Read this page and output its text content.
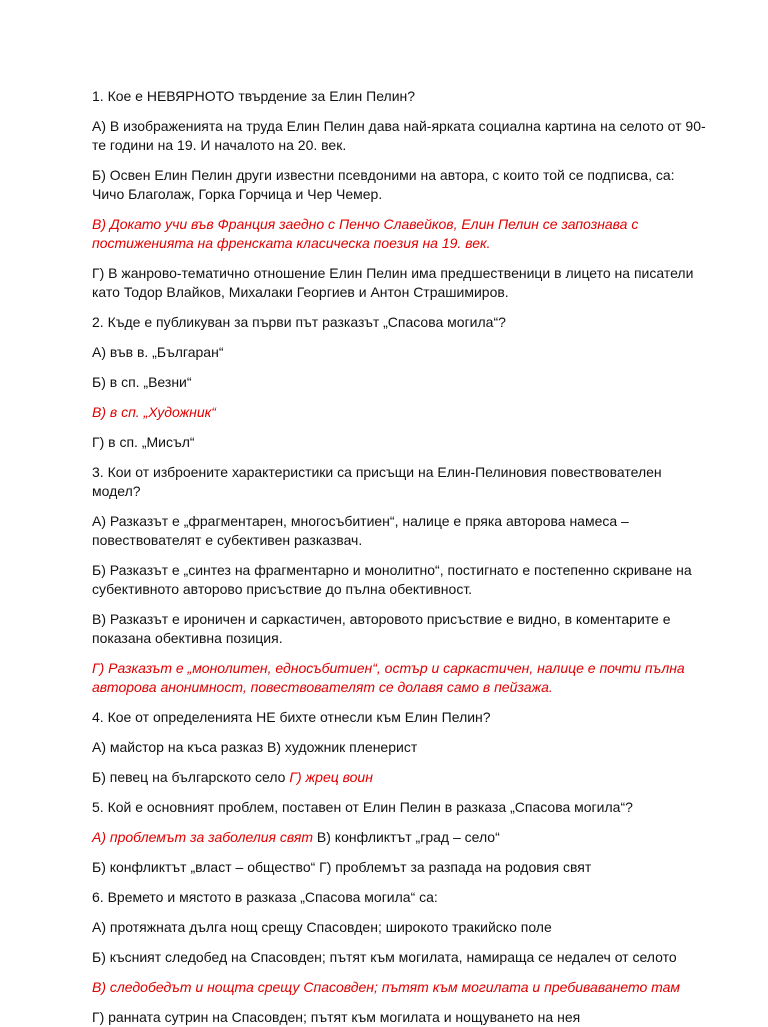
1. Кое е НЕВЯРНОТО твърдение за Елин Пелин?

А) В изображенията на труда Елин Пелин дава най-ярката социална картина на селото от 90-те години на 19. И началото на 20. век.

Б) Освен Елин Пелин други известни псевдоними на автора, с които той се подписва, са: Чичо Благолаж, Горка Горчица и Чер Чемер.

В) Докато учи във Франция заедно с Пенчо Славейков, Елин Пелин се запознава с постиженията на френската класическа поезия на 19. век.

Г) В жанрово-тематично отношение Елин Пелин има предшественици в лицето на писатели като Тодор Влайков, Михалаки Георгиев и Антон Страшимиров.

2. Къде е публикуван за първи път разказът „Спасова могила“?

А) във в. „Българан“

Б) в сп. „Везни“

В) в сп. „Художник“

Г) в сп. „Мисъл“

3. Кои от изброените характеристики са присъщи на Елин-Пелиновия повествователен модел?

А) Разказът е „фрагментарен, многосъбитиен“, налице е пряка авторова намеса – повествователят е субективен разказвач.

Б) Разказът е „синтез на фрагментарно и монолитно“, постигнато е постепенно скриване на субективното авторово присъствие до пълна обективност.

В) Разказът е ироничен и саркастичен, авторовото присъствие е видно, в коментарите е показана обективна позиция.

Г) Разказът е „монолитен, едносъбитиен“, остър и саркастичен, налице е почти пълна авторова анонимност, повествователят се долавя само в пейзажа.

4. Кое от определенията НЕ бихте отнесли към Елин Пелин?

А) майстор на къса разказ В) художник пленерист

Б) певец на българското село Г) жрец воин

5. Кой е основният проблем, поставен от Елин Пелин в разказа „Спасова могила“?

А) проблемът за заболелия свят В) конфликтът „град – село“

Б) конфликтът „власт – общество“ Г) проблемът за разпада на родовия свят

6. Времето и мястото в разказа „Спасова могила“ са:

А) протяжната дълга нощ срещу Спасовден; широкото тракийско поле

Б) късният следобед на Спасовден; пътят към могилата, намираща се недалеч от селото

В) следобедът и нощта срещу Спасовден; пътят към могилата и пребиваването там

Г) ранната сутрин на Спасовден; пътят към могилата и нощуването на нея
